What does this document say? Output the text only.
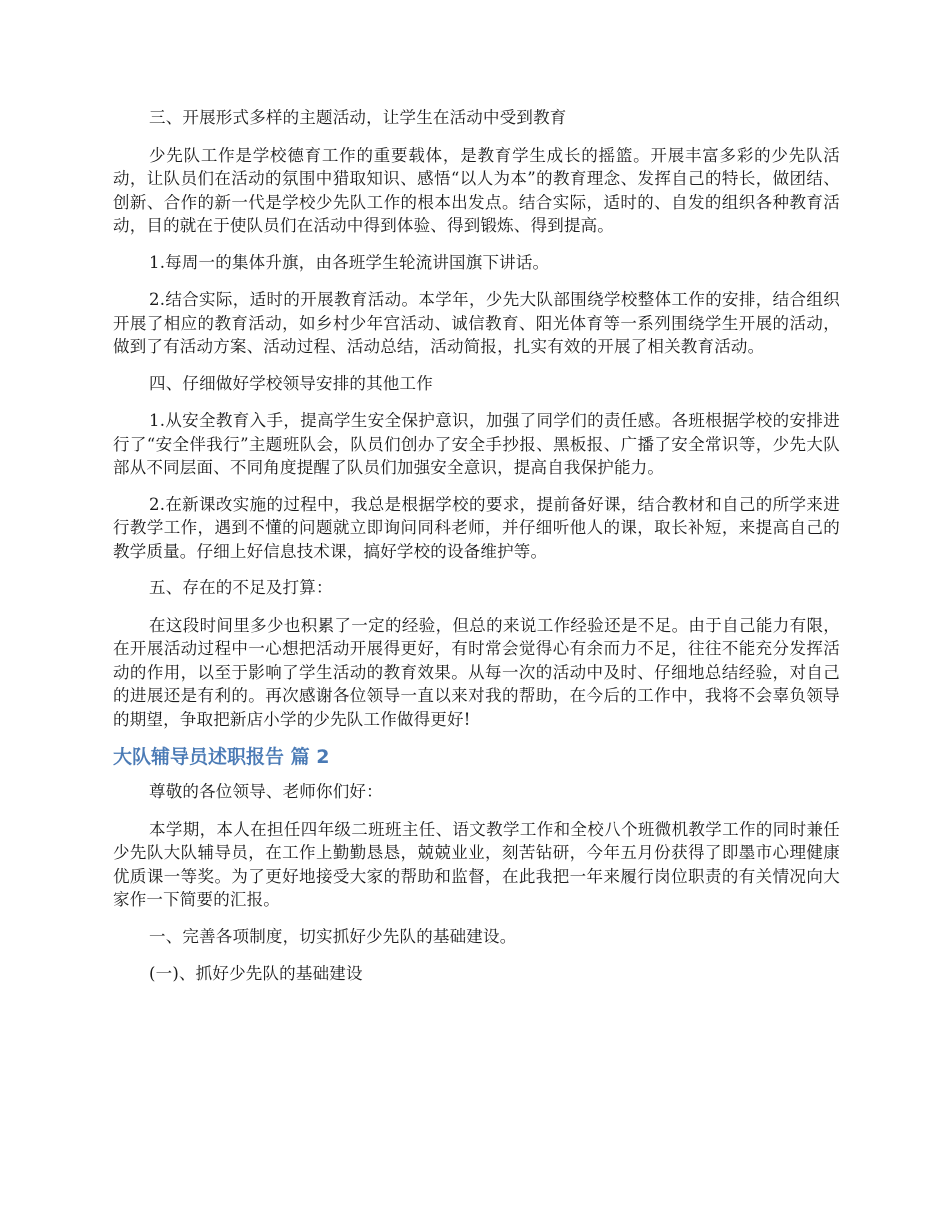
三、开展形式多样的主题活动，让学生在活动中受到教育

少先队工作是学校德育工作的重要载体，是教育学生成长的摇篮。开展丰富多彩的少先队活动，让队员们在活动的氛围中猎取知识、感悟“以人为本”的教育理念、发挥自己的特长，做团结、创新、合作的新一代是学校少先队工作的根本出发点。结合实际，适时的、自发的组织各种教育活动，目的就在于使队员们在活动中得到体验、得到锻炼、得到提高。

1.每周一的集体升旗，由各班学生轮流讲国旗下讲话。

2.结合实际，适时的开展教育活动。本学年，少先大队部围绕学校整体工作的安排，结合组织开展了相应的教育活动，如乡村少年宫活动、诚信教育、阳光体育等一系列围绕学生开展的活动，做到了有活动方案、活动过程、活动总结，活动简报，扎实有效的开展了相关教育活动。

四、仔细做好学校领导安排的其他工作

1.从安全教育入手，提高学生安全保护意识，加强了同学们的责任感。各班根据学校的安排进行了“安全伴我行”主题班队会，队员们创办了安全手抄报、黑板报、广播了安全常识等，少先大队部从不同层面、不同角度提醒了队员们加强安全意识，提高自我保护能力。

2.在新课改实施的过程中，我总是根据学校的要求，提前备好课，结合教材和自己的所学来进行教学工作，遇到不懂的问题就立即询问同科老师，并仔细听他人的课，取长补短，来提高自己的教学质量。仔细上好信息技术课，搞好学校的设备维护等。

五、存在的不足及打算：

在这段时间里多少也积累了一定的经验，但总的来说工作经验还是不足。由于自己能力有限，在开展活动过程中一心想把活动开展得更好，有时常会觉得心有余而力不足，往往不能充分发挥活动的作用，以至于影响了学生活动的教育效果。从每一次的活动中及时、仔细地总结经验，对自己的进展还是有利的。再次感谢各位领导一直以来对我的帮助，在今后的工作中，我将不会辜负领导的期望，争取把新店小学的少先队工作做得更好!

大队辅导员述职报告 篇 2

尊敬的各位领导、老师你们好：

本学期，本人在担任四年级二班班主任、语文教学工作和全校八个班微机教学工作的同时兼任少先队大队辅导员，在工作上勤勤恳恳，兢兢业业，刻苦钻研，今年五月份获得了即墨市心理健康优质课一等奖。为了更好地接受大家的帮助和监督，在此我把一年来履行岗位职责的有关情况向大家作一下简要的汇报。

一、完善各项制度，切实抓好少先队的基础建设。

(一)、抓好少先队的基础建设
